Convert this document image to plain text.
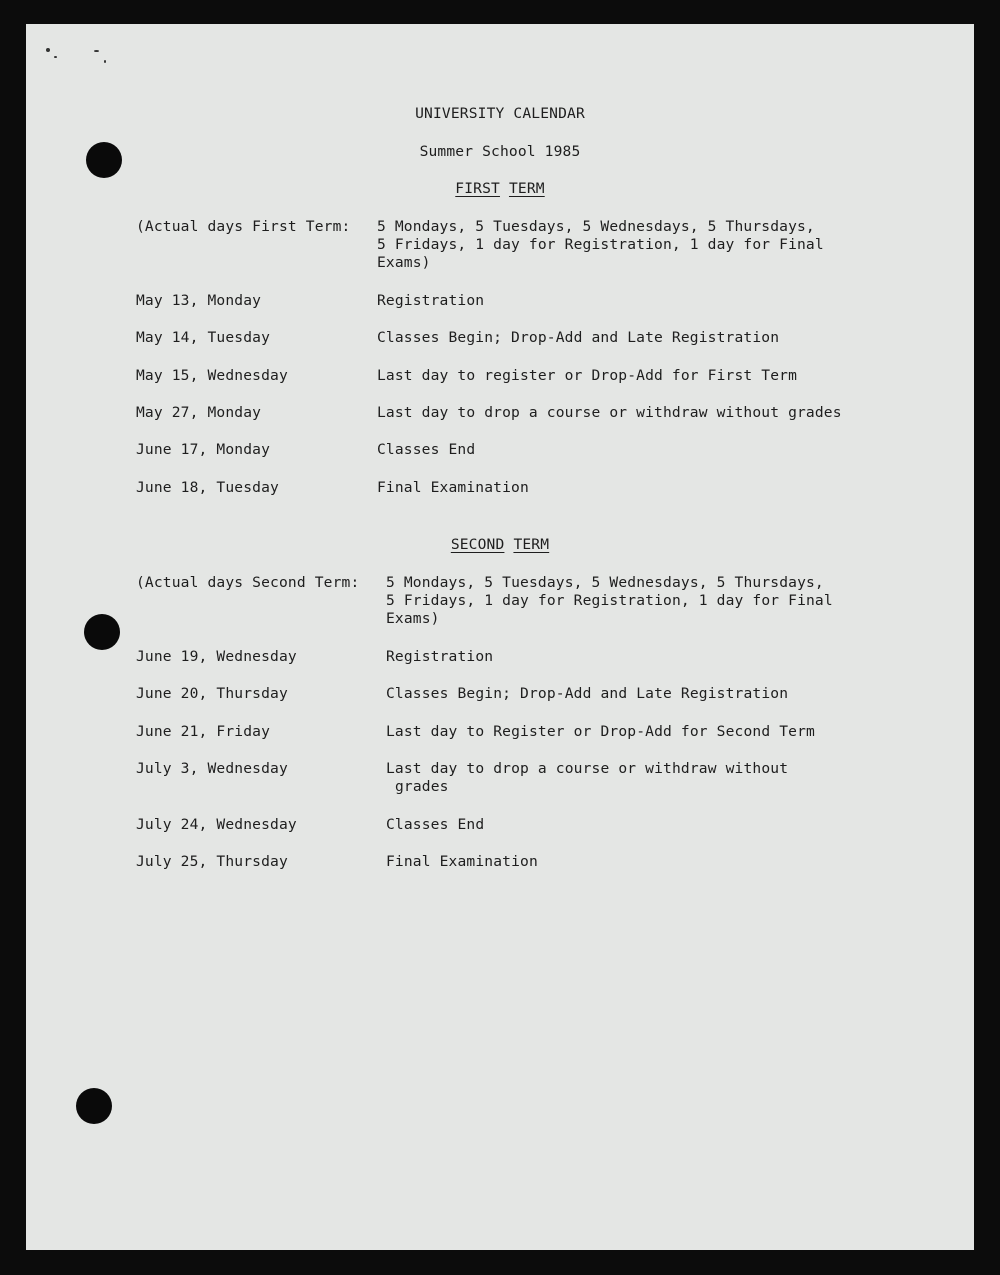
UNIVERSITY CALENDAR
Summer School 1985
FIRST TERM
(Actual days First Term: 5 Mondays, 5 Tuesdays, 5 Wednesdays, 5 Thursdays,
5 Fridays, 1 day for Registration, 1 day for Final
Exams)
May 13, Monday	Registration
May 14, Tuesday	Classes Begin; Drop-Add and Late Registration
May 15, Wednesday	Last day to register or Drop-Add for First Term
May 27, Monday	Last day to drop a course or withdraw without grades
June 17, Monday	Classes End
June 18, Tuesday	Final Examination
SECOND TERM
(Actual days Second Term: 5 Mondays, 5 Tuesdays, 5 Wednesdays, 5 Thursdays,
5 Fridays, 1 day for Registration, 1 day for Final
Exams)
June 19, Wednesday	Registration
June 20, Thursday	Classes Begin; Drop-Add and Late Registration
June 21, Friday	Last day to Register or Drop-Add for Second Term
July 3, Wednesday	Last day to drop a course or withdraw without
grades
July 24, Wednesday	Classes End
July 25, Thursday	Final Examination
